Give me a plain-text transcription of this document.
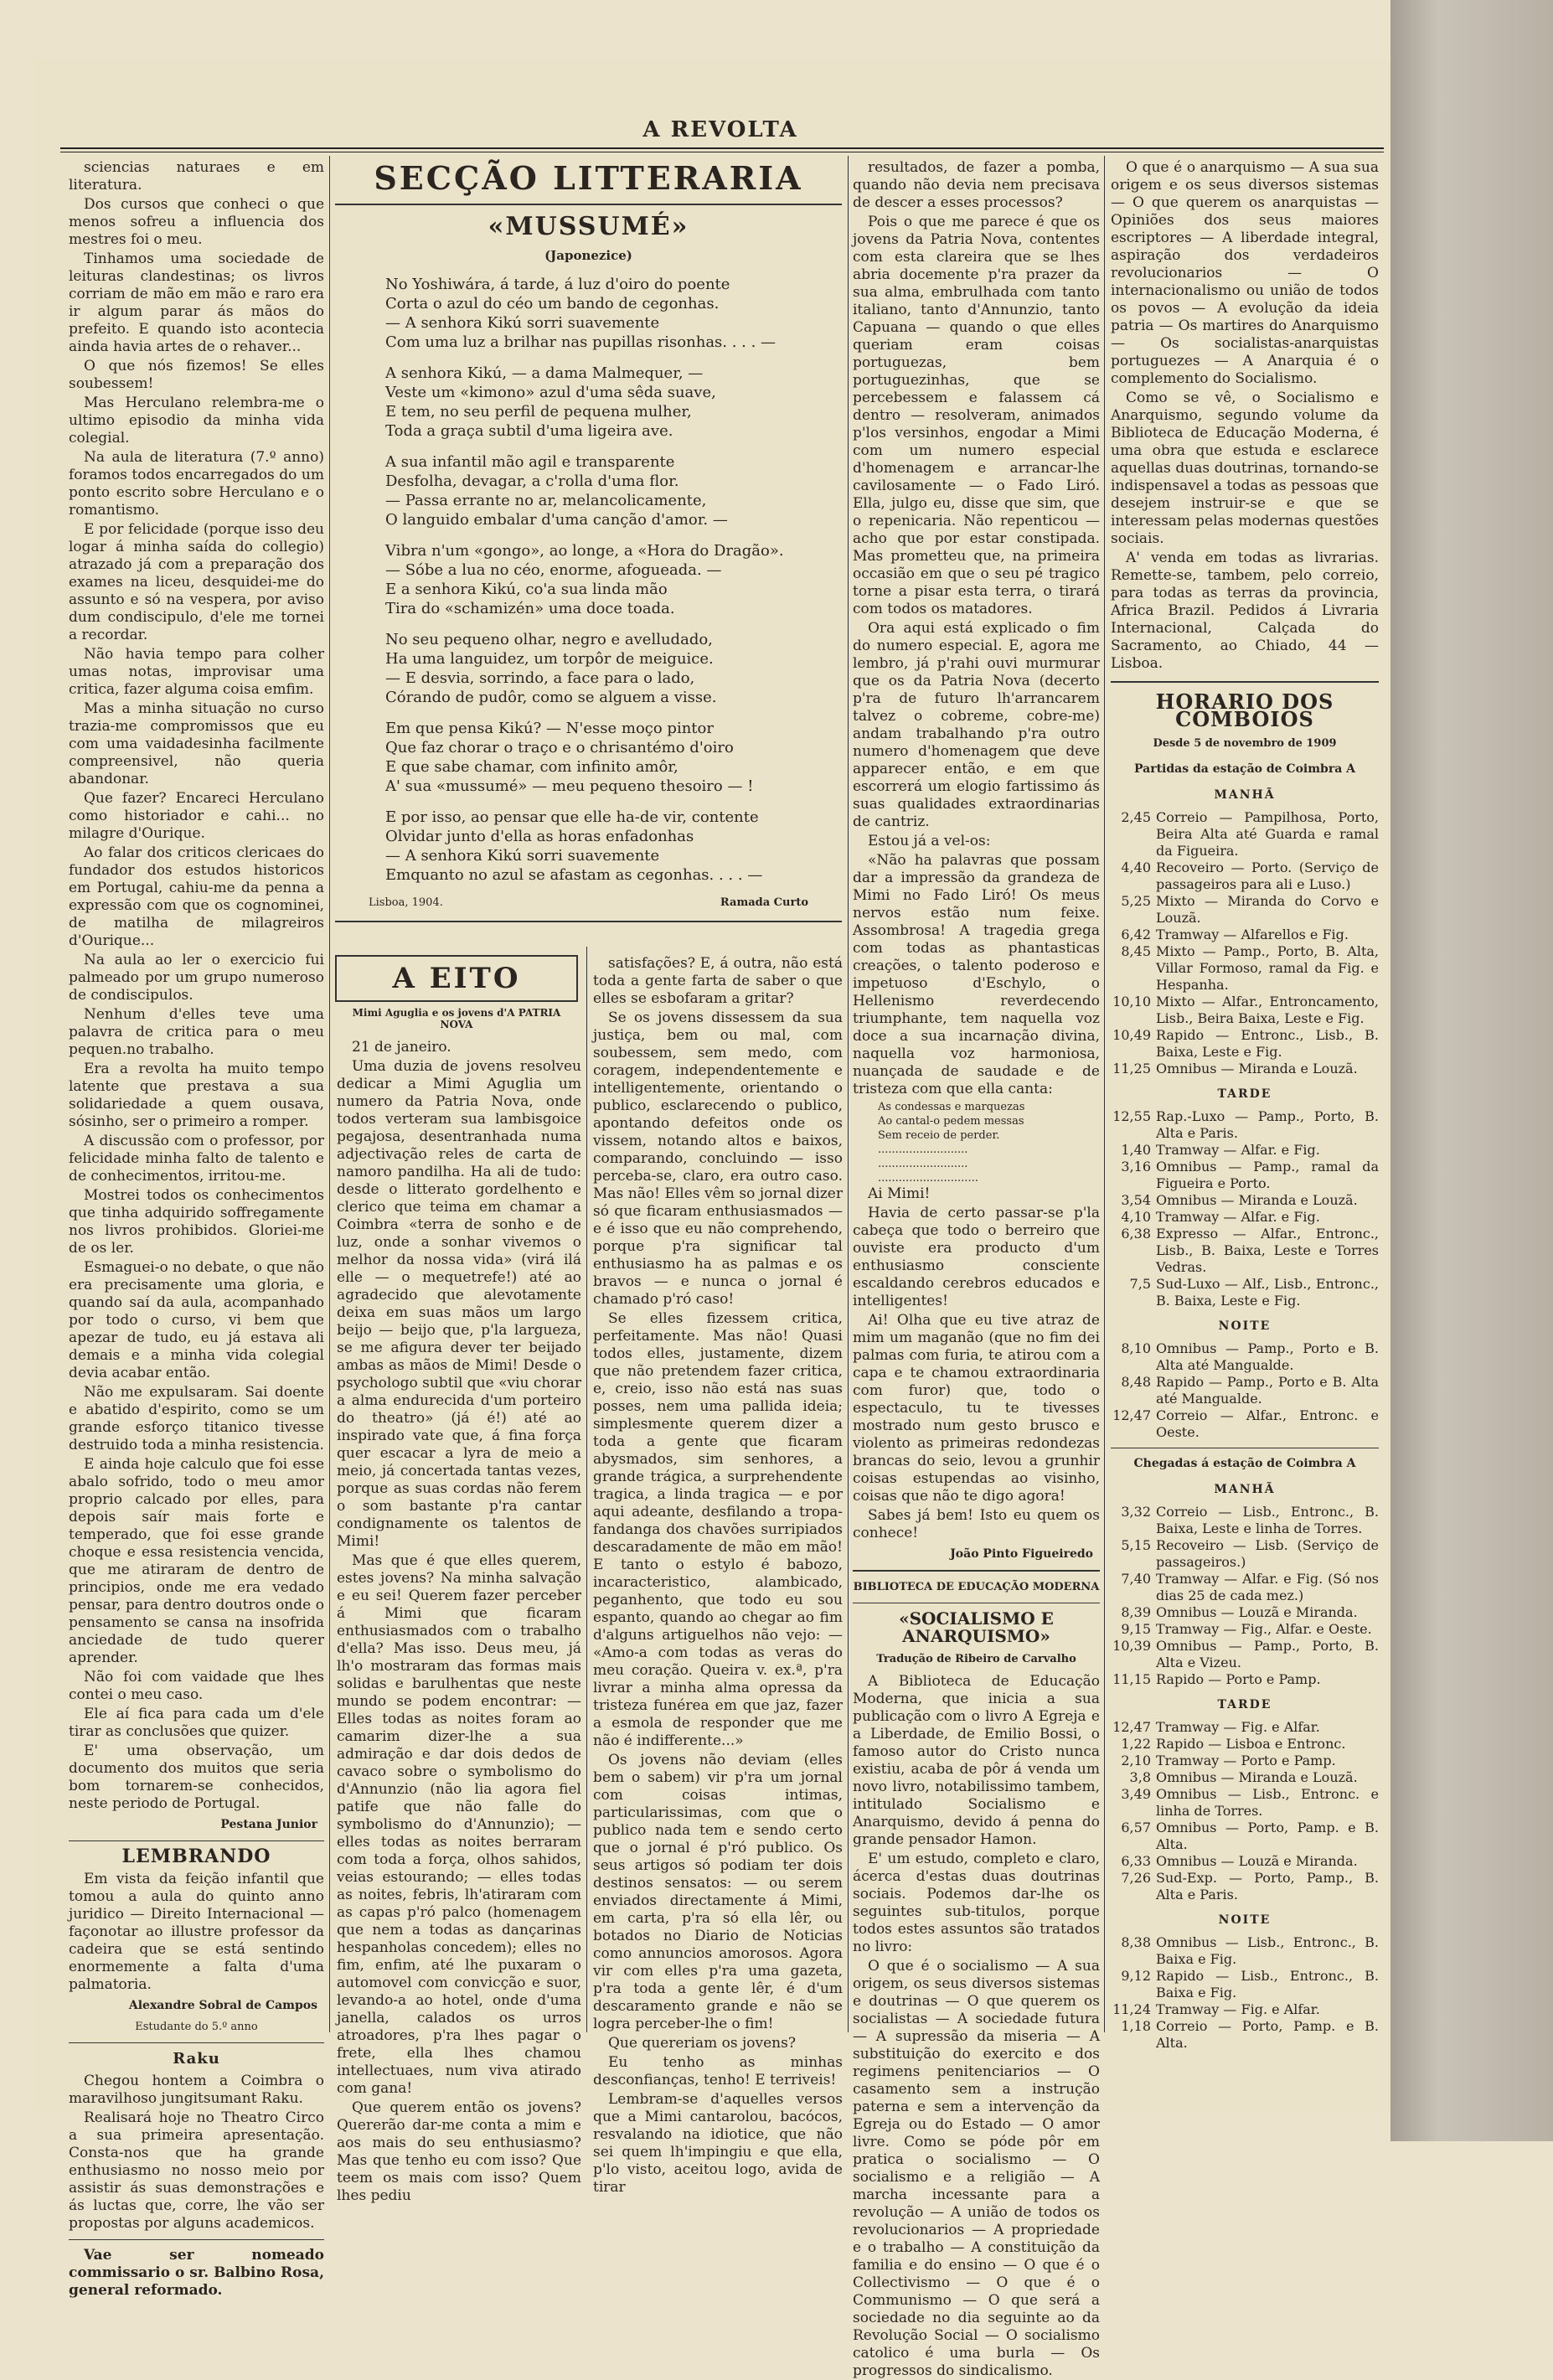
A REVOLTA

sciencias naturaes e em literatura.

Dos cursos que conheci o que menos sofreu a influencia dos mestres foi o meu.

Tinhamos uma sociedade de leituras clandestinas; os livros corriam de mão em mão e raro era ir algum parar ás mãos do prefeito. E quando isto acontecia ainda havia artes de o rehaver...

O que nós fizemos! Se elles soubessem!

Mas Herculano relembra-me o ultimo episodio da minha vida colegial.

Na aula de literatura (7.º anno) foramos todos encarregados do um ponto escrito sobre Herculano e o romantismo.

E por felicidade (porque isso deu logar á minha saída do collegio) atrazado já com a preparação dos exames na liceu, desquidei-me do assunto e só na vespera, por aviso dum condiscipulo, d'ele me tornei a recordar.

Não havia tempo para colher umas notas, improvisar uma critica, fazer alguma coisa emfim.

Mas a minha situação no curso trazia-me compromissos que eu com uma vaidadesinha facilmente compreensivel, não queria abandonar.

Que fazer? Encareci Herculano como historiador e cahi... no milagre d'Ourique.

Ao falar dos criticos clericaes do fundador dos estudos historicos em Portugal, cahiu-me da penna a expressão com que os cognominei, de matilha de milagreiros d'Ourique...

Na aula ao ler o exercicio fui palmeado por um grupo numeroso de condiscipulos.

Nenhum d'elles teve uma palavra de critica para o meu pequen.no trabalho.

Era a revolta ha muito tempo latente que prestava a sua solidariedade a quem ousava, sósinho, ser o primeiro a romper.

A discussão com o professor, por felicidade minha falto de talento e de conhecimentos, irritou-me.

Mostrei todos os conhecimentos que tinha adquirido soffregamente nos livros prohibidos. Gloriei-me de os ler.

Esmaguei-o no debate, o que não era precisamente uma gloria, e quando saí da aula, acompanhado por todo o curso, vi bem que apezar de tudo, eu já estava ali demais e a minha vida colegial devia acabar então.

Não me expulsaram. Sai doente e abatido d'espirito, como se um grande esforço titanico tivesse destruido toda a minha resistencia.

E ainda hoje calculo que foi esse abalo sofrido, todo o meu amor proprio calcado por elles, para depois saír mais forte e temperado, que foi esse grande choque e essa resistencia vencida, que me atiraram de dentro de principios, onde me era vedado pensar, para dentro doutros onde o pensamento se cansa na insofrida anciedade de tudo querer aprender.

Não foi com vaidade que lhes contei o meu caso.

Ele aí fica para cada um d'ele tirar as conclusões que quizer.

E' uma observação, um documento dos muitos que seria bom tornarem-se conhecidos, neste periodo de Portugal.

Pestana Junior
LEMBRANDO

Em vista da feição infantil que tomou a aula do quinto anno juridico — Direito Internacional — façonotar ao illustre professor da cadeira que se está sentindo enormemente a falta d'uma palmatoria.

Alexandre Sobral de Campos
Estudante do 5.º anno
Raku

Chegou hontem a Coimbra o maravilhoso jungitsumant Raku.

Realisará hoje no Theatro Circo a sua primeira apresentação. Consta-nos que ha grande enthusiasmo no nosso meio por assistir ás suas demonstrações e ás luctas que, corre, lhe vão ser propostas por alguns academicos.

Vae ser nomeado commissario o sr. Balbino Rosa, general reformado.

SECÇÃO LITTERARIA
«MUSSUMÉ»
(Japonezice)
No Yoshiwára, á tarde, á luz d'oiro do poente
Corta o azul do céo um bando de cegonhas.
— A senhora Kikú sorri suavemente
Com uma luz a brilhar nas pupillas risonhas. . . . —
A senhora Kikú, — a dama Malmequer, —
Veste um «kimono» azul d'uma sêda suave,
E tem, no seu perfil de pequena mulher,
Toda a graça subtil d'uma ligeira ave.
A sua infantil mão agil e transparente
Desfolha, devagar, a c'rolla d'uma flor.
— Passa errante no ar, melancolicamente,
O languido embalar d'uma canção d'amor. —
Vibra n'um «gongo», ao longe, a «Hora do Dragão».
— Sóbe a lua no céo, enorme, afogueada. —
E a senhora Kikú, co'a sua linda mão
Tira do «schamizén» uma doce toada.
No seu pequeno olhar, negro e avelludado,
Ha uma languidez, um torpôr de meiguice.
— E desvia, sorrindo, a face para o lado,
Córando de pudôr, como se alguem a visse.
Em que pensa Kikú? — N'esse moço pintor
Que faz chorar o traço e o chrisantémo d'oiro
E que sabe chamar, com infinito amôr,
A' sua «mussumé» — meu pequeno thesoiro — !
E por isso, ao pensar que elle ha-de vir, contente
Olvidar junto d'ella as horas enfadonhas
— A senhora Kikú sorri suavemente
Emquanto no azul se afastam as cegonhas. . . . —
Lisboa, 1904.	Ramada Curto
A EITO
Mimi Aguglia e os jovens d'A PATRIA NOVA

21 de janeiro.

Uma duzia de jovens resolveu dedicar a Mimi Aguglia um numero da Patria Nova, onde todos verteram sua lambisgoice pegajosa, desentranhada numa adjectivação reles de carta de namoro pandilha. Ha ali de tudo: desde o litterato gordelhento e clerico que teima em chamar a Coimbra «terra de sonho e de luz, onde a sonhar vivemos o melhor da nossa vida» (virá ilá elle — o mequetrefe!) até ao agradecido que alevotamente deixa em suas mãos um largo beijo — beijo que, p'la largueza, se me afigura dever ter beijado ambas as mãos de Mimi! Desde o psychologo subtil que «viu chorar a alma endurecida d'um porteiro do theatro» (já é!) até ao inspirado vate que, á fina força quer escacar a lyra de meio a meio, já concertada tantas vezes, porque as suas cordas não ferem o som bastante p'ra cantar condignamente os talentos de Mimi!

Mas que é que elles querem, estes jovens? Na minha salvação e eu sei! Querem fazer perceber á Mimi que ficaram enthusiasmados com o trabalho d'ella? Mas isso. Deus meu, já lh'o mostraram das formas mais solidas e barulhentas que neste mundo se podem encontrar: — Elles todas as noites foram ao camarim dizer-lhe a sua admiração e dar dois dedos de cavaco sobre o symbolismo do d'Annunzio (não lia agora fiel patife que não falle do symbolismo do d'Annunzio); — elles todas as noites berraram com toda a força, olhos sahidos, veias estourando; — elles todas as noites, febris, lh'atiraram com as capas p'ró palco (homenagem que nem a todas as dançarinas hespanholas concedem); elles no fim, enfim, até lhe puxaram o automovel com convicção e suor, levando-a ao hotel, onde d'uma janella, calados os urros atroadores, p'ra lhes pagar o frete, ella lhes chamou intellectuaes, num viva atirado com gana!

Que querem então os jovens? Quererão dar-me conta a mim e aos mais do seu enthusiasmo? Mas que tenho eu com isso? Que teem os mais com isso? Quem lhes pediu

satisfações? E, á outra, não está toda a gente farta de saber o que elles se esbofaram a gritar?

Se os jovens dissessem da sua justiça, bem ou mal, com soubessem, sem medo, com coragem, independentemente e intelligentemente, orientando o publico, esclarecendo o publico, apontando defeitos onde os vissem, notando altos e baixos, comparando, concluindo — isso perceba-se, claro, era outro caso. Mas não! Elles vêm so jornal dizer só que ficaram enthusiasmados — e é isso que eu não comprehendo, porque p'ra significar tal enthusiasmo ha as palmas e os bravos — e nunca o jornal é chamado p'ró caso!

Se elles fizessem critica, perfeitamente. Mas não! Quasi todos elles, justamente, dizem que não pretendem fazer critica, e, creio, isso não está nas suas posses, nem uma pallida ideia; simplesmente querem dizer a toda a gente que ficaram abysmados, sim senhores, a grande trágica, a surprehendente tragica, a linda tragica — e por aqui adeante, desfilando a tropa-fandanga dos chavões surripiados descaradamente de mão em mão! E tanto o estylo é babozo, incaracteristico, alambicado, peganhento, que todo eu sou espanto, quando ao chegar ao fim d'alguns artiguelhos não vejo: — «Amo-a com todas as veras do meu coração. Queira v. ex.ª, p'ra livrar a minha alma opressa da tristeza funérea em que jaz, fazer a esmola de responder que me não é indifferente...»

Os jovens não deviam (elles bem o sabem) vir p'ra um jornal com coisas intimas, particularissimas, com que o publico nada tem e sendo certo que o jornal é p'ró publico. Os seus artigos só podiam ter dois destinos sensatos: — ou serem enviados directamente á Mimi, em carta, p'ra só ella lêr, ou botados no Diario de Noticias como annuncios amorosos. Agora vir com elles p'ra uma gazeta, p'ra toda a gente lêr, é d'um descaramento grande e não se logra perceber-lhe o fim!

Que quereriam os jovens?

Eu tenho as minhas desconfianças, tenho! E terriveis!

Lembram-se d'aquelles versos que a Mimi cantarolou, bacócos, resvalando na idiotice, que não sei quem lh'impingiu e que ella, p'lo visto, aceitou logo, avida de tirar

resultados, de fazer a pomba, quando não devia nem precisava de descer a esses processos?

Pois o que me parece é que os jovens da Patria Nova, contentes com esta clareira que se lhes abria docemente p'ra prazer da sua alma, embrulhada com tanto italiano, tanto d'Annunzio, tanto Capuana — quando o que elles queriam eram coisas portuguezas, bem portuguezinhas, que se percebessem e falassem cá dentro — resolveram, animados p'los versinhos, engodar a Mimi com um numero especial d'homenagem e arrancar-lhe cavilosamente — o Fado Liró. Ella, julgo eu, disse que sim, que o repenicaria. Não repenticou — acho que por estar constipada. Mas prometteu que, na primeira occasião em que o seu pé tragico torne a pisar esta terra, o tirará com todos os matadores.

Ora aqui está explicado o fim do numero especial. E, agora me lembro, já p'rahi ouvi murmurar que os da Patria Nova (decerto p'ra de futuro lh'arrancarem talvez o cobreme, cobre-me) andam trabalhando p'ra outro numero d'homenagem que deve apparecer então, e em que escorrerá um elogio fartissimo ás suas qualidades extraordinarias de cantriz.

Estou já a vel-os:

«Não ha palavras que possam dar a impressão da grandeza de Mimi no Fado Liró! Os meus nervos estão num feixe. Assombrosa! A tragedia grega com todas as phantasticas creações, o talento poderoso e impetuoso d'Eschylo, o Hellenismo reverdecendo triumphante, tem naquella voz doce a sua incarnação divina, naquella voz harmoniosa, nuançada de saudade e de tristeza com que ella canta:

As condessas e marquezas
Ao cantal-o pedem messas
Sem receio de perder.
..........................
..........................
.............................

Ai Mimi!

Havia de certo passar-se p'la cabeça que todo o berreiro que ouviste era producto d'um enthusiasmo consciente escaldando cerebros educados e intelligentes!

Ai! Olha que eu tive atraz de mim um maganão (que no fim dei palmas com furia, te atirou com a capa e te chamou extraordinaria com furor) que, todo o espectaculo, tu te tivesses mostrado num gesto brusco e violento as primeiras redondezas brancas do seio, levou a grunhir coisas estupendas ao visinho, coisas que não te digo agora!

Sabes já bem! Isto eu quem os conhece!

João Pinto Figueiredo
BIBLIOTECA DE EDUCAÇÃO MODERNA
«SOCIALISMO E ANARQUISMO»
Tradução de Ribeiro de Carvalho

A Biblioteca de Educação Moderna, que inicia a sua publicação com o livro A Egreja e a Liberdade, de Emilio Bossi, o famoso autor do Cristo nunca existiu, acaba de pôr á venda um novo livro, notabilissimo tambem, intitulado Socialismo e Anarquismo, devido á penna do grande pensador Hamon.

E' um estudo, completo e claro, ácerca d'estas duas doutrinas sociais. Podemos dar-lhe os seguintes sub-titulos, porque todos estes assuntos são tratados no livro:

O que é o socialismo — A sua origem, os seus diversos sistemas e doutrinas — O que querem os socialistas — A sociedade futura — A supressão da miseria — A substituição do exercito e dos regimens penitenciarios — O casamento sem a instrução paterna e sem a intervenção da Egreja ou do Estado — O amor livre. Como se póde pôr em pratica o socialismo — O socialismo e a religião — A marcha incessante para a revolução — A união de todos os revolucionarios — A propriedade e o trabalho — A constituição da familia e do ensino — O que é o Collectivismo — O que é o Communismo — O que será a sociedade no dia seguinte ao da Revolução Social — O socialismo catolico é uma burla — Os progressos do sindicalismo.

O que é o anarquismo — A sua sua origem e os seus diversos sistemas — O que querem os anarquistas — Opiniões dos seus maiores escriptores — A liberdade integral, aspiração dos verdadeiros revolucionarios — O internacionalismo ou união de todos os povos — A evolução da ideia patria — Os martires do Anarquismo — Os socialistas-anarquistas portuguezes — A Anarquia é o complemento do Socialismo.

Como se vê, o Socialismo e Anarquismo, segundo volume da Biblioteca de Educação Moderna, é uma obra que estuda e esclarece aquellas duas doutrinas, tornando-se indispensavel a todas as pessoas que desejem instruir-se e que se interessam pelas modernas questões sociais.

A' venda em todas as livrarias. Remette-se, tambem, pelo correio, para todas as terras da provincia, Africa Brazil. Pedidos á Livraria Internacional, Calçada do Sacramento, ao Chiado, 44 — Lisboa.

HORARIO DOS COMBOIOS
Desde 5 de novembro de 1909
Partidas da estação de Coimbra A
MANHÃ
2,45 Correio — Pampilhosa, Porto, Beira Alta até Guarda e ramal da Figueira.
4,40 Recoveiro — Porto. (Serviço de passageiros para ali e Luso.)
5,25 Mixto — Miranda do Corvo e Louzã.
6,42 Tramway — Alfarellos e Fig.
8,45 Mixto — Pamp., Porto, B. Alta, Villar Formoso, ramal da Fig. e Hespanha.
10,10 Mixto — Alfar., Entroncamento, Lisb., Beira Baixa, Leste e Fig.
10,49 Rapido — Entronc., Lisb., B. Baixa, Leste e Fig.
11,25 Omnibus — Miranda e Louzã.
TARDE
12,55 Rap.-Luxo — Pamp., Porto, B. Alta e Paris.
1,40 Tramway — Alfar. e Fig.
3,16 Omnibus — Pamp., ramal da Figueira e Porto.
3,54 Omnibus — Miranda e Louzã.
4,10 Tramway — Alfar. e Fig.
6,38 Expresso — Alfar., Entronc., Lisb., B. Baixa, Leste e Torres Vedras.
7,5 Sud-Luxo — Alf., Lisb., Entronc., B. Baixa, Leste e Fig.
NOITE
8,10 Omnibus — Pamp., Porto e B. Alta até Mangualde.
8,48 Rapido — Pamp., Porto e B. Alta até Mangualde.
12,47 Correio — Alfar., Entronc. e Oeste.
Chegadas á estação de Coimbra A
MANHÃ
3,32 Correio — Lisb., Entronc., B. Baixa, Leste e linha de Torres.
5,15 Recoveiro — Lisb. (Serviço de passageiros.)
7,40 Tramway — Alfar. e Fig. (Só nos dias 25 de cada mez.)
8,39 Omnibus — Louzã e Miranda.
9,15 Tramway — Fig., Alfar. e Oeste.
10,39 Omnibus — Pamp., Porto, B. Alta e Vizeu.
11,15 Rapido — Porto e Pamp.
TARDE
12,47 Tramway — Fig. e Alfar.
1,22 Rapido — Lisboa e Entronc.
2,10 Tramway — Porto e Pamp.
3,8 Omnibus — Miranda e Louzã.
3,49 Omnibus — Lisb., Entronc. e linha de Torres.
6,57 Omnibus — Porto, Pamp. e B. Alta.
6,33 Omnibus — Louzã e Miranda.
7,26 Sud-Exp. — Porto, Pamp., B. Alta e Paris.
NOITE
8,38 Omnibus — Lisb., Entronc., B. Baixa e Fig.
9,12 Rapido — Lisb., Entronc., B. Baixa e Fig.
11,24 Tramway — Fig. e Alfar.
1,18 Correio — Porto, Pamp. e B. Alta.
